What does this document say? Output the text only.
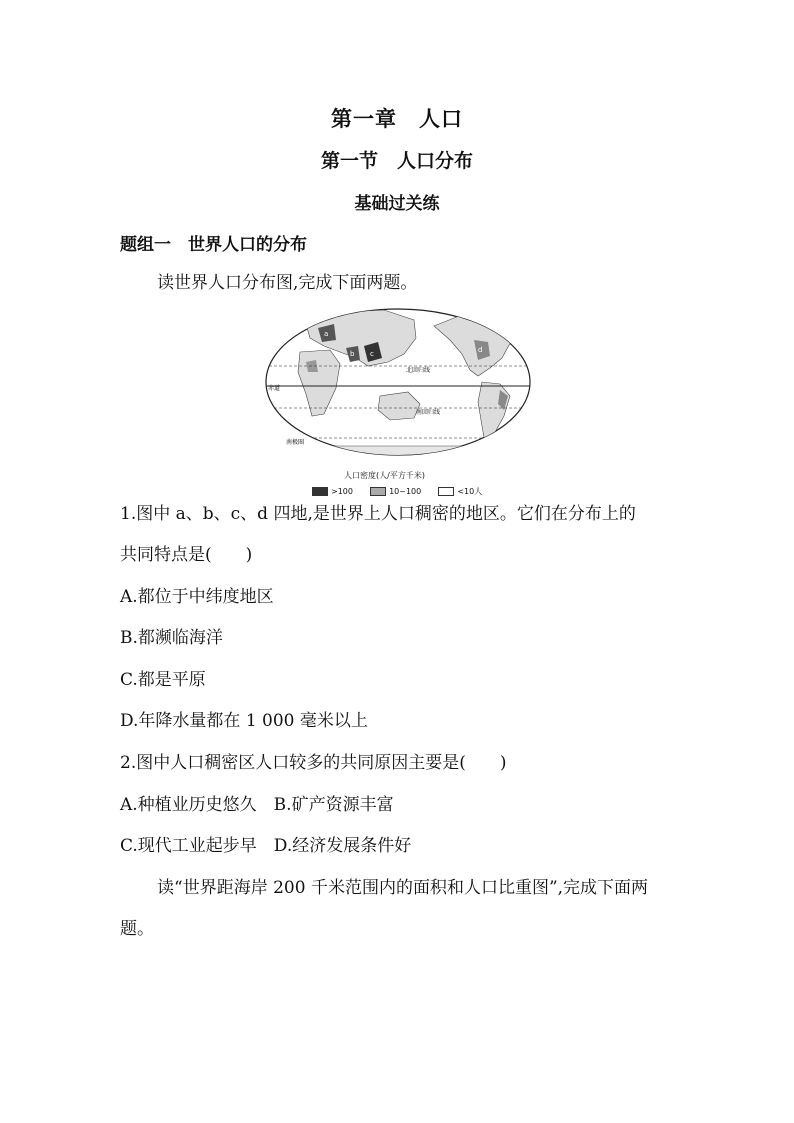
第一章　人口
第一节　人口分布
基础过关练
题组一　世界人口的分布
读世界人口分布图,完成下面两题。
北回归线
赤道
南回归线
南极圈
a
b c	d
人口密度(人/平方千米)
>100
	10~100
	<10人
1.图中 a、b、c、d 四地,是世界上人口稠密的地区。它们在分布上的
共同特点是(　　)
A.都位于中纬度地区
B.都濒临海洋
C.都是平原
D.年降水量都在 1 000 毫米以上
2.图中人口稠密区人口较多的共同原因主要是(　　)
A.种植业历史悠久　B.矿产资源丰富
C.现代工业起步早　D.经济发展条件好
读“世界距海岸 200 千米范围内的面积和人口比重图”,完成下面两
题。
